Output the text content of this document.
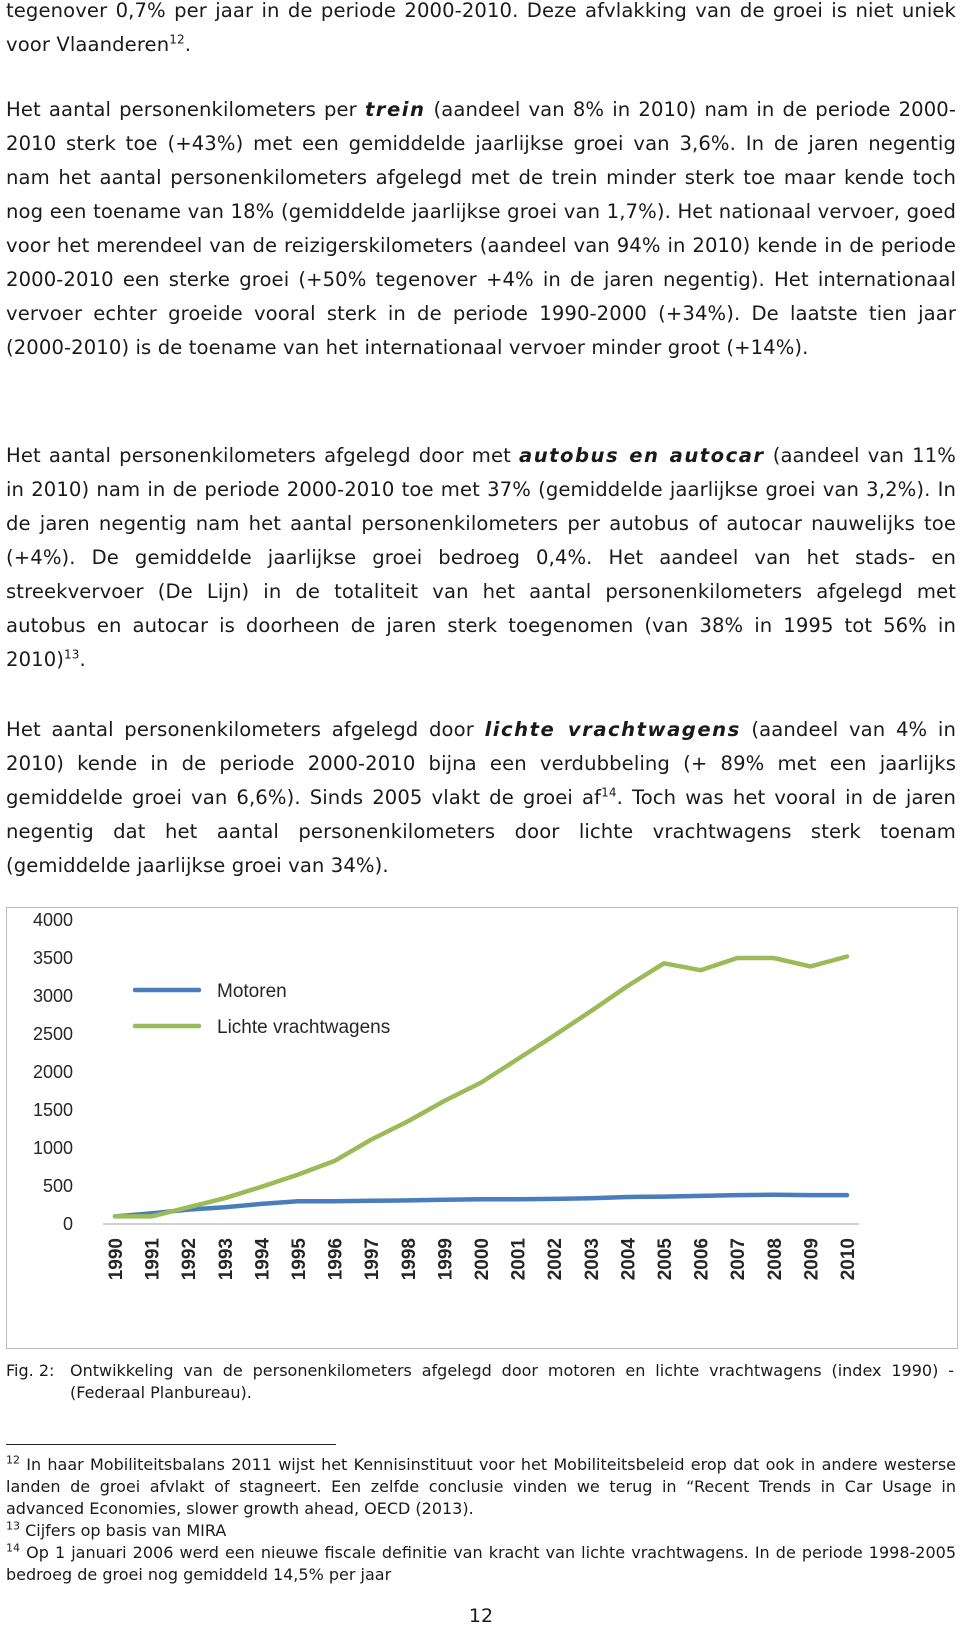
tegenover 0,7% per jaar in de periode 2000-2010. Deze afvlakking van de groei is niet uniek voor Vlaanderen$^{12}$.

Het aantal personenkilometers per trein (aandeel van 8% in 2010) nam in de periode 2000-2010 sterk toe (+43%) met een gemiddelde jaarlijkse groei van 3,6%. In de jaren negentig nam het aantal personenkilometers afgelegd met de trein minder sterk toe maar kende toch nog een toename van 18% (gemiddelde jaarlijkse groei van 1,7%). Het nationaal vervoer, goed voor het merendeel van de reizigerskilometers (aandeel van 94% in 2010) kende in de periode 2000-2010 een sterke groei (+50% tegenover +4% in de jaren negentig). Het internationaal vervoer echter groeide vooral sterk in de periode 1990-2000 (+34%). De laatste tien jaar (2000-2010) is de toename van het internationaal vervoer minder groot (+14%).

Het aantal personenkilometers afgelegd door met autobus en autocar (aandeel van 11% in 2010) nam in de periode 2000-2010 toe met 37% (gemiddelde jaarlijkse groei van 3,2%). In de jaren negentig nam het aantal personenkilometers per autobus of autocar nauwelijks toe (+4%). De gemiddelde jaarlijkse groei bedroeg 0,4%. Het aandeel van het stads- en streekvervoer (De Lijn) in de totaliteit van het aantal personenkilometers afgelegd met autobus en autocar is doorheen de jaren sterk toegenomen (van 38% in 1995 tot 56% in 2010)$^{13}$.

Het aantal personenkilometers afgelegd door lichte vrachtwagens (aandeel van 4% in 2010) kende in de periode 2000-2010 bijna een verdubbeling (+ 89% met een jaarlijks gemiddelde groei van 6,6%). Sinds 2005 vlakt de groei $af^{14}$. Toch was het vooral in de jaren negentig dat het aantal personenkilometers door lichte vrachtwagens sterk toenam (gemiddelde jaarlijkse groei van 34%).

0
500
1000
1500
2000
2500
3000
3500
4000
1990 1991 1992 1993 1994 1995 1996 1997 1998 1999 2000 2001 2002 2003 2004 2005 2006 2007 2008 2009 2010
Motoren
Lichte vrachtwagens
Fig. 2: Ontwikkeling van de personenkilometers afgelegd door motoren en lichte vrachtwagens (index 1990) - (Federaal Planbureau).

$^{12}$ In haar Mobiliteitsbalans 2011 wijst het Kennisinstituut voor het Mobiliteitsbeleid erop dat ook in andere westerse landen de groei afvlakt of stagneert. Een zelfde conclusie vinden we terug in “Recent Trends in Car Usage in advanced Economies, slower growth ahead, OECD (2013).

$^{13}$ Cijfers op basis van MIRA

$^{14}$ Op 1 januari 2006 werd een nieuwe fiscale definitie van kracht van lichte vrachtwagens. In de periode 1998-2005 bedroeg de groei nog gemiddeld 14,5% per jaar

12
